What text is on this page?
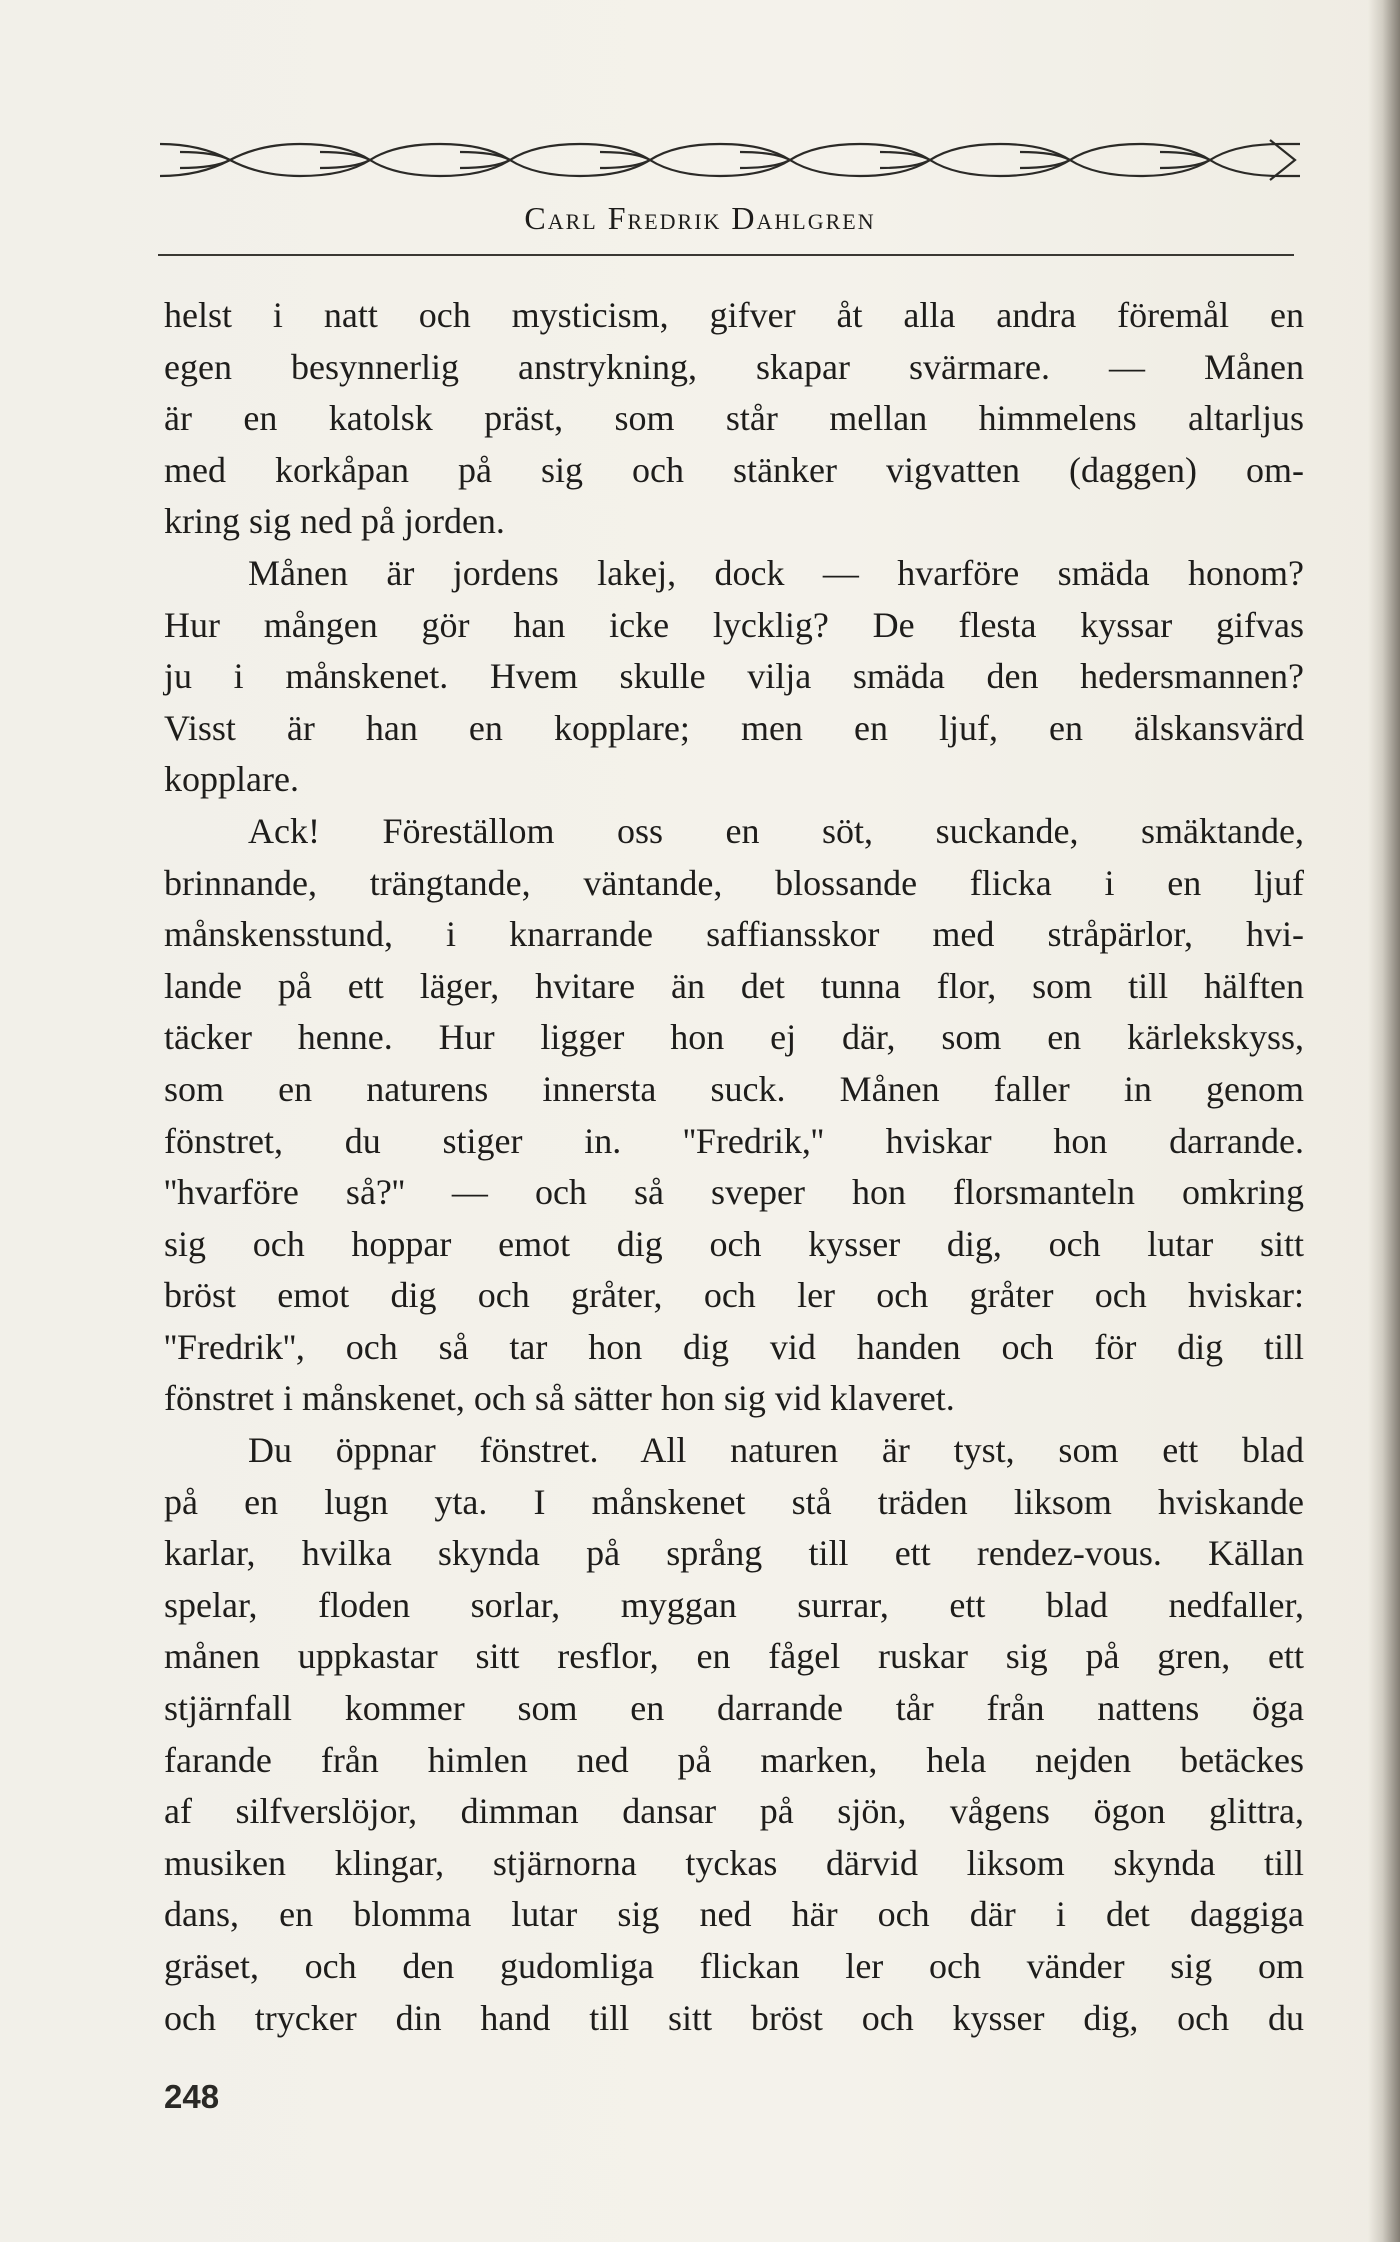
Carl Fredrik Dahlgren
helst i natt och mysticism, gifver åt alla andra föremål en
egen besynnerlig anstrykning, skapar svärmare. — Månen
är en katolsk präst, som står mellan himmelens altarljus
med korkåpan på sig och stänker vigvatten (daggen) om-
kring sig ned på jorden.
Månen är jordens lakej, dock — hvarföre smäda honom?
Hur mången gör han icke lycklig? De flesta kyssar gifvas
ju i månskenet. Hvem skulle vilja smäda den hedersmannen?
Visst är han en kopplare; men en ljuf, en älskansvärd
kopplare.
Ack! Föreställom oss en söt, suckande, smäktande,
brinnande, trängtande, väntande, blossande flicka i en ljuf
månskensstund, i knarrande saffiansskor med stråpärlor, hvi-
lande på ett läger, hvitare än det tunna flor, som till hälften
täcker henne. Hur ligger hon ej där, som en kärlekskyss,
som en naturens innersta suck. Månen faller in genom
fönstret, du stiger in. ''Fredrik,'' hviskar hon darrande.
''hvarföre så?'' — och så sveper hon florsmanteln omkring
sig och hoppar emot dig och kysser dig, och lutar sitt
bröst emot dig och gråter, och ler och gråter och hviskar:
''Fredrik'', och så tar hon dig vid handen och för dig till
fönstret i månskenet, och så sätter hon sig vid klaveret.
Du öppnar fönstret. All naturen är tyst, som ett blad
på en lugn yta. I månskenet stå träden liksom hviskande
karlar, hvilka skynda på språng till ett rendez-vous. Källan
spelar, floden sorlar, myggan surrar, ett blad nedfaller,
månen uppkastar sitt resflor, en fågel ruskar sig på gren, ett
stjärnfall kommer som en darrande tår från nattens öga
farande från himlen ned på marken, hela nejden betäckes
af silfverslöjor, dimman dansar på sjön, vågens ögon glittra,
musiken klingar, stjärnorna tyckas därvid liksom skynda till
dans, en blomma lutar sig ned här och där i det daggiga
gräset, och den gudomliga flickan ler och vänder sig om
och trycker din hand till sitt bröst och kysser dig, och du
248
